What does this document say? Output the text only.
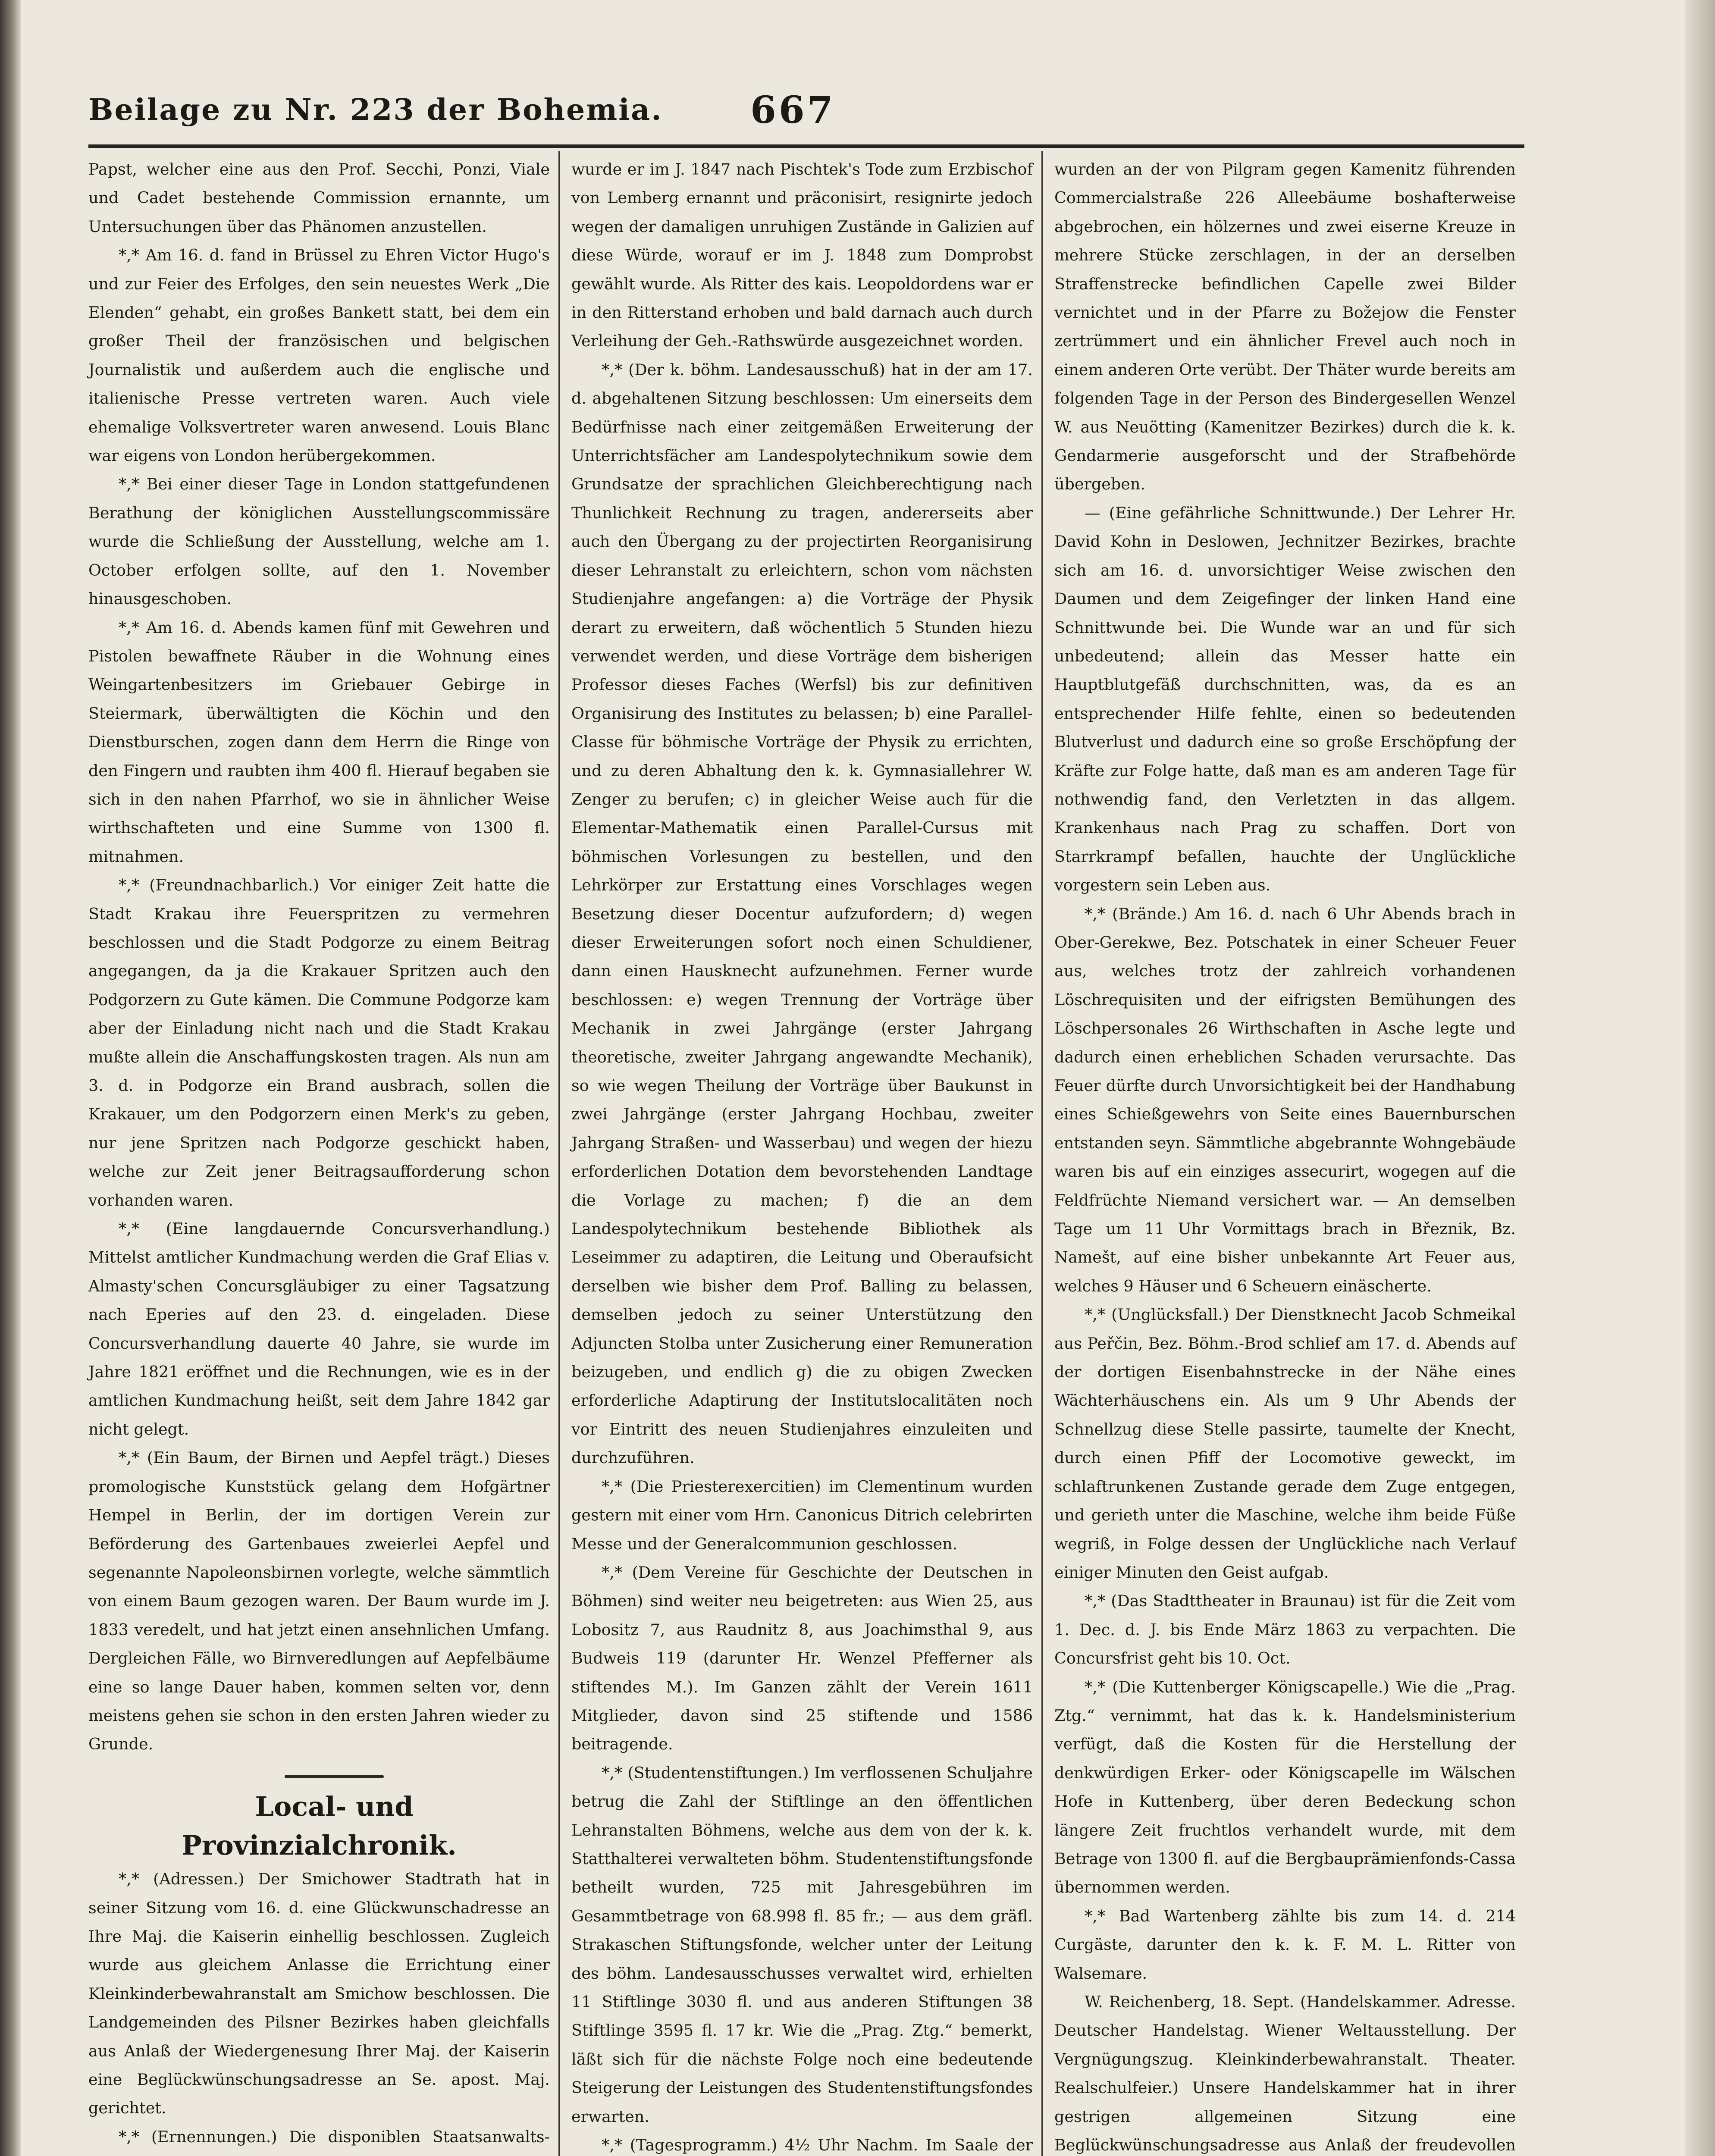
Beilage zu Nr. 223 der Bohemia. 667

Papst, welcher eine aus den Prof. Secchi, Ponzi, Viale und Cadet bestehende Commission ernannte, um Untersuchungen über das Phänomen anzustellen.

*,* Am 16. d. fand in Brüssel zu Ehren Victor Hugo's und zur Feier des Erfolges, den sein neuestes Werk „Die Elenden“ gehabt, ein großes Bankett statt, bei dem ein großer Theil der französischen und belgischen Journalistik und außerdem auch die englische und italienische Presse vertreten waren. Auch viele ehemalige Volksvertreter waren anwesend. Louis Blanc war eigens von London herübergekommen.

*,* Bei einer dieser Tage in London stattgefundenen Berathung der königlichen Ausstellungscommissäre wurde die Schließung der Ausstellung, welche am 1. October erfolgen sollte, auf den 1. November hinausgeschoben.

*,* Am 16. d. Abends kamen fünf mit Gewehren und Pistolen bewaffnete Räuber in die Wohnung eines Weingartenbesitzers im Griebauer Gebirge in Steiermark, überwältigten die Köchin und den Dienstburschen, zogen dann dem Herrn die Ringe von den Fingern und raubten ihm 400 fl. Hierauf begaben sie sich in den nahen Pfarrhof, wo sie in ähnlicher Weise wirthschafteten und eine Summe von 1300 fl. mitnahmen.

*,* (Freundnachbarlich.) Vor einiger Zeit hatte die Stadt Krakau ihre Feuerspritzen zu vermehren beschlossen und die Stadt Podgorze zu einem Beitrag angegangen, da ja die Krakauer Spritzen auch den Podgorzern zu Gute kämen. Die Commune Podgorze kam aber der Einladung nicht nach und die Stadt Krakau mußte allein die Anschaffungskosten tragen. Als nun am 3. d. in Podgorze ein Brand ausbrach, sollen die Krakauer, um den Podgorzern einen Merk's zu geben, nur jene Spritzen nach Podgorze geschickt haben, welche zur Zeit jener Beitragsaufforderung schon vorhanden waren.

*,* (Eine langdauernde Concursverhandlung.) Mittelst amtlicher Kundmachung werden die Graf Elias v. Almasty'schen Concursgläubiger zu einer Tagsatzung nach Eperies auf den 23. d. eingeladen. Diese Concursverhandlung dauerte 40 Jahre, sie wurde im Jahre 1821 eröffnet und die Rechnungen, wie es in der amtlichen Kundmachung heißt, seit dem Jahre 1842 gar nicht gelegt.

*,* (Ein Baum, der Birnen und Aepfel trägt.) Dieses promologische Kunststück gelang dem Hofgärtner Hempel in Berlin, der im dortigen Verein zur Beförderung des Gartenbaues zweierlei Aepfel und segenannte Napoleonsbirnen vorlegte, welche sämmtlich von einem Baum gezogen waren. Der Baum wurde im J. 1833 veredelt, und hat jetzt einen ansehnlichen Umfang. Dergleichen Fälle, wo Birnveredlungen auf Aepfelbäume eine so lange Dauer haben, kommen selten vor, denn meistens gehen sie schon in den ersten Jahren wieder zu Grunde.

Local- und Provinzialchronik.

*,* (Adressen.) Der Smichower Stadtrath hat in seiner Sitzung vom 16. d. eine Glückwunschadresse an Ihre Maj. die Kaiserin einhellig beschlossen. Zugleich wurde aus gleichem Anlasse die Errichtung einer Kleinkinderbewahranstalt am Smichow beschlossen. Die Landgemeinden des Pilsner Bezirkes haben gleichfalls aus Anlaß der Wiedergenesung Ihrer Maj. der Kaiserin eine Beglückwünschungsadresse an Se. apost. Maj. gerichtet.

*,* (Ernennungen.) Die disponiblen Staatsanwalts-

wurde er im J. 1847 nach Pischtek's Tode zum Erzbischof von Lemberg ernannt und präconisirt, resignirte jedoch wegen der damaligen unruhigen Zustände in Galizien auf diese Würde, worauf er im J. 1848 zum Domprobst gewählt wurde. Als Ritter des kais. Leopoldordens war er in den Ritterstand erhoben und bald darnach auch durch Verleihung der Geh.-Rathswürde ausgezeichnet worden.

*,* (Der k. böhm. Landesausschuß) hat in der am 17. d. abgehaltenen Sitzung beschlossen: Um einerseits dem Bedürfnisse nach einer zeitgemäßen Erweiterung der Unterrichtsfächer am Landespolytechnikum sowie dem Grundsatze der sprachlichen Gleichberechtigung nach Thunlichkeit Rechnung zu tragen, andererseits aber auch den Übergang zu der projectirten Reorganisirung dieser Lehranstalt zu erleichtern, schon vom nächsten Studienjahre angefangen: a) die Vorträge der Physik derart zu erweitern, daß wöchentlich 5 Stunden hiezu verwendet werden, und diese Vorträge dem bisherigen Professor dieses Faches (Werfsl) bis zur definitiven Organisirung des Institutes zu belassen; b) eine Parallel-Classe für böhmische Vorträge der Physik zu errichten, und zu deren Abhaltung den k. k. Gymnasiallehrer W. Zenger zu berufen; c) in gleicher Weise auch für die Elementar-Mathematik einen Parallel-Cursus mit böhmischen Vorlesungen zu bestellen, und den Lehrkörper zur Erstattung eines Vorschlages wegen Besetzung dieser Docentur aufzufordern; d) wegen dieser Erweiterungen sofort noch einen Schuldiener, dann einen Hausknecht aufzunehmen. Ferner wurde beschlossen: e) wegen Trennung der Vorträge über Mechanik in zwei Jahrgänge (erster Jahrgang theoretische, zweiter Jahrgang angewandte Mechanik), so wie wegen Theilung der Vorträge über Baukunst in zwei Jahrgänge (erster Jahrgang Hochbau, zweiter Jahrgang Straßen- und Wasserbau) und wegen der hiezu erforderlichen Dotation dem bevorstehenden Landtage die Vorlage zu machen; f) die an dem Landespolytechnikum bestehende Bibliothek als Leseimmer zu adaptiren, die Leitung und Oberaufsicht derselben wie bisher dem Prof. Balling zu belassen, demselben jedoch zu seiner Unterstützung den Adjuncten Stolba unter Zusicherung einer Remuneration beizugeben, und endlich g) die zu obigen Zwecken erforderliche Adaptirung der Institutslocalitäten noch vor Eintritt des neuen Studienjahres einzuleiten und durchzuführen.

*,* (Die Priesterexercitien) im Clementinum wurden gestern mit einer vom Hrn. Canonicus Ditrich celebrirten Messe und der Generalcommunion geschlossen.

*,* (Dem Vereine für Geschichte der Deutschen in Böhmen) sind weiter neu beigetreten: aus Wien 25, aus Lobositz 7, aus Raudnitz 8, aus Joachimsthal 9, aus Budweis 119 (darunter Hr. Wenzel Pfefferner als stiftendes M.). Im Ganzen zählt der Verein 1611 Mitglieder, davon sind 25 stiftende und 1586 beitragende.

*,* (Studentenstiftungen.) Im verflossenen Schuljahre betrug die Zahl der Stiftlinge an den öffentlichen Lehranstalten Böhmens, welche aus dem von der k. k. Statthalterei verwalteten böhm. Studentenstiftungsfonde betheilt wurden, 725 mit Jahresgebühren im Gesammtbetrage von 68.998 fl. 85 fr.; — aus dem gräfl. Strakaschen Stiftungsfonde, welcher unter der Leitung des böhm. Landesausschusses verwaltet wird, erhielten 11 Stiftlinge 3030 fl. und aus anderen Stiftungen 38 Stiftlinge 3595 fl. 17 kr. Wie die „Prag. Ztg.“ bemerkt, läßt sich für die nächste Folge noch eine bedeutende Steigerung der Leistungen des Studentenstiftungsfondes erwarten.

*,* (Tagesprogramm.) 4½ Uhr Nachm. Im Saale der

wurden an der von Pilgram gegen Kamenitz führenden Commercialstraße 226 Alleebäume boshafterweise abgebrochen, ein hölzernes und zwei eiserne Kreuze in mehrere Stücke zerschlagen, in der an derselben Straffenstrecke befindlichen Capelle zwei Bilder vernichtet und in der Pfarre zu Božejow die Fenster zertrümmert und ein ähnlicher Frevel auch noch in einem anderen Orte verübt. Der Thäter wurde bereits am folgenden Tage in der Person des Bindergesellen Wenzel W. aus Neuötting (Kamenitzer Bezirkes) durch die k. k. Gendarmerie ausgeforscht und der Strafbehörde übergeben.

— (Eine gefährliche Schnittwunde.) Der Lehrer Hr. David Kohn in Deslowen, Jechnitzer Bezirkes, brachte sich am 16. d. unvorsichtiger Weise zwischen den Daumen und dem Zeigefinger der linken Hand eine Schnittwunde bei. Die Wunde war an und für sich unbedeutend; allein das Messer hatte ein Hauptblutgefäß durchschnitten, was, da es an entsprechender Hilfe fehlte, einen so bedeutenden Blutverlust und dadurch eine so große Erschöpfung der Kräfte zur Folge hatte, daß man es am anderen Tage für nothwendig fand, den Verletzten in das allgem. Krankenhaus nach Prag zu schaffen. Dort von Starrkrampf befallen, hauchte der Unglückliche vorgestern sein Leben aus.

*,* (Brände.) Am 16. d. nach 6 Uhr Abends brach in Ober-Gerekwe, Bez. Potschatek in einer Scheuer Feuer aus, welches trotz der zahlreich vorhandenen Löschrequisiten und der eifrigsten Bemühungen des Löschpersonales 26 Wirthschaften in Asche legte und dadurch einen erheblichen Schaden verursachte. Das Feuer dürfte durch Unvorsichtigkeit bei der Handhabung eines Schießgewehrs von Seite eines Bauernburschen entstanden seyn. Sämmtliche abgebrannte Wohngebäude waren bis auf ein einziges assecurirt, wogegen auf die Feldfrüchte Niemand versichert war. — An demselben Tage um 11 Uhr Vormittags brach in Březnik, Bz. Namešt, auf eine bisher unbekannte Art Feuer aus, welches 9 Häuser und 6 Scheuern einäscherte.

*,* (Unglücksfall.) Der Dienstknecht Jacob Schmeikal aus Peřčin, Bez. Böhm.-Brod schlief am 17. d. Abends auf der dortigen Eisenbahnstrecke in der Nähe eines Wächterhäuschens ein. Als um 9 Uhr Abends der Schnellzug diese Stelle passirte, taumelte der Knecht, durch einen Pfiff der Locomotive geweckt, im schlaftrunkenen Zustande gerade dem Zuge entgegen, und gerieth unter die Maschine, welche ihm beide Füße wegriß, in Folge dessen der Unglückliche nach Verlauf einiger Minuten den Geist aufgab.

*,* (Das Stadttheater in Braunau) ist für die Zeit vom 1. Dec. d. J. bis Ende März 1863 zu verpachten. Die Concursfrist geht bis 10. Oct.

*,* (Die Kuttenberger Königscapelle.) Wie die „Prag. Ztg.“ vernimmt, hat das k. k. Handelsministerium verfügt, daß die Kosten für die Herstellung der denkwürdigen Erker- oder Königscapelle im Wälschen Hofe in Kuttenberg, über deren Bedeckung schon längere Zeit fruchtlos verhandelt wurde, mit dem Betrage von 1300 fl. auf die Bergbauprämienfonds-Cassa übernommen werden.

*,* Bad Wartenberg zählte bis zum 14. d. 214 Curgäste, darunter den k. k. F. M. L. Ritter von Walsemare.

W. Reichenberg, 18. Sept. (Handelskammer. Adresse. Deutscher Handelstag. Wiener Weltausstellung. Der Vergnügungszug. Kleinkinderbewahranstalt. Theater. Realschulfeier.) Unsere Handelskammer hat in ihrer gestrigen allgemeinen Sitzung eine Beglückwünschungsadresse aus Anlaß der freudevollen
